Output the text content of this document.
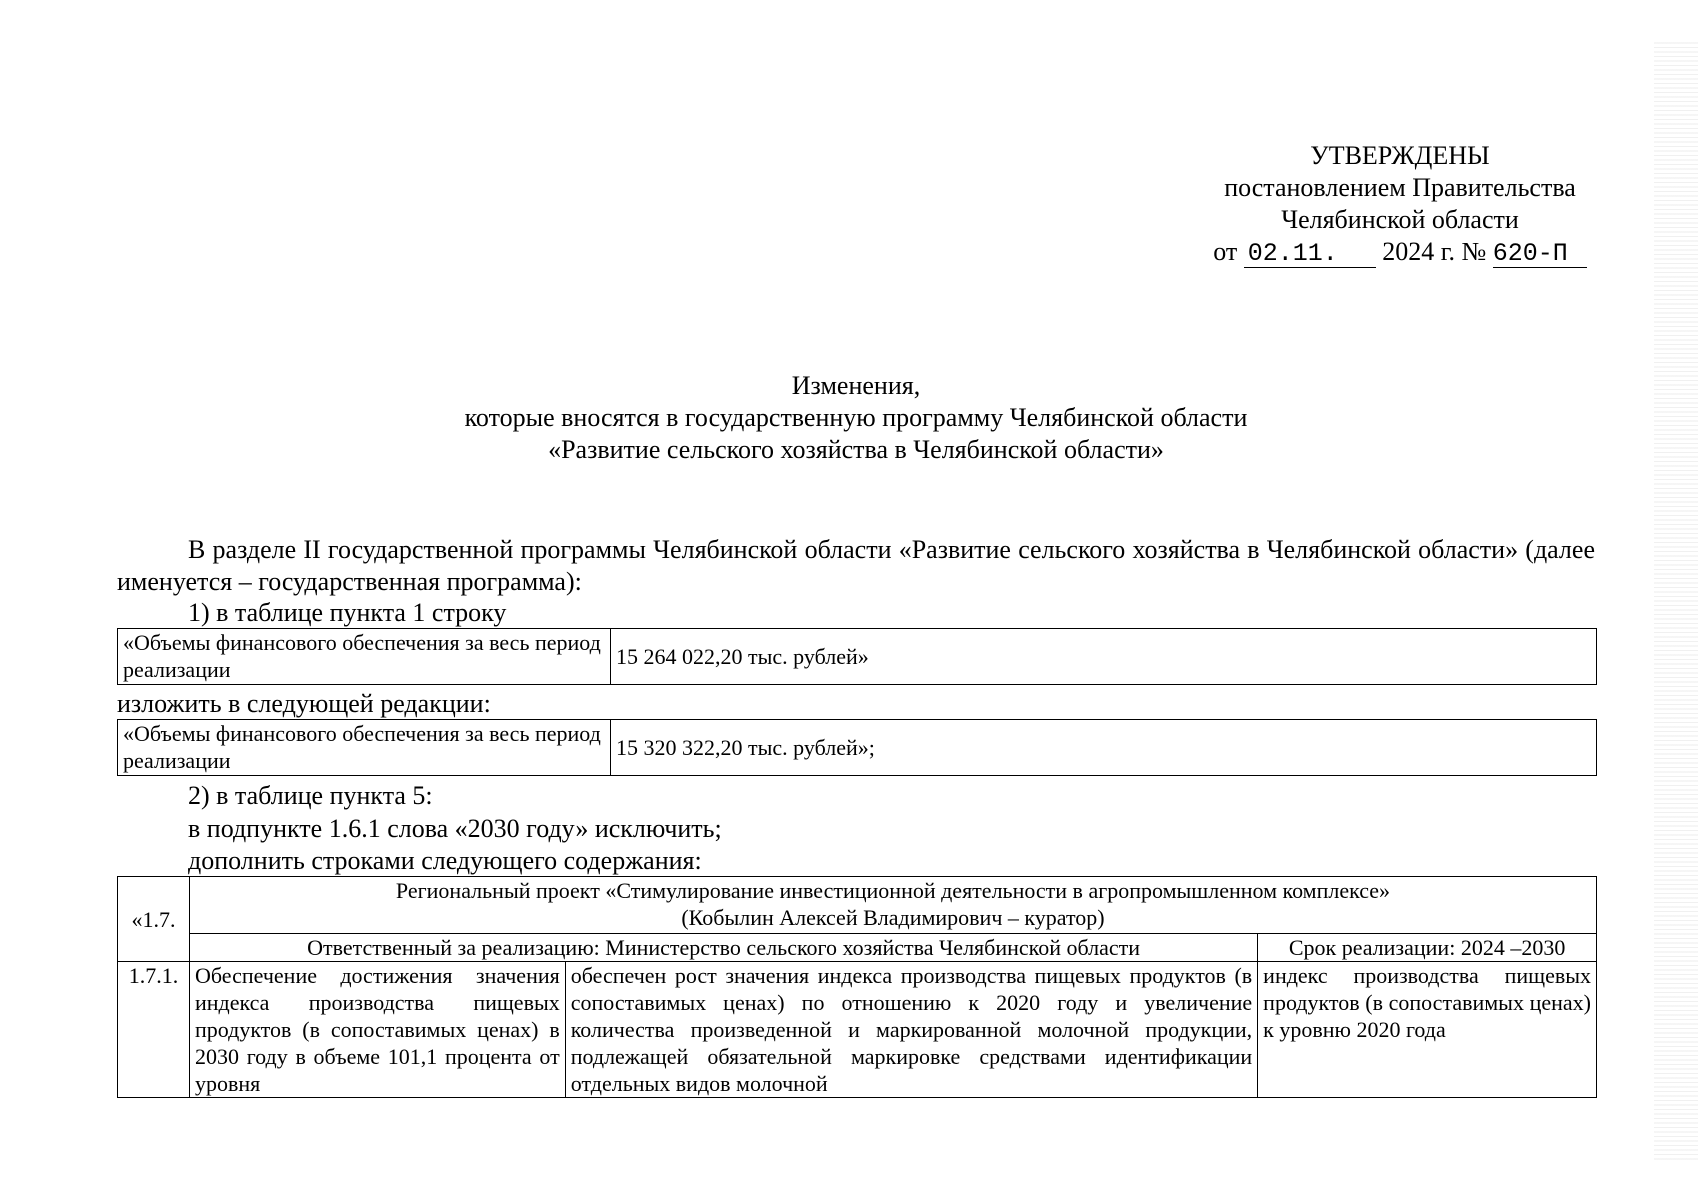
УТВЕРЖДЕНЫ
постановлением Правительства
Челябинской области
от 02.11. 2024 г. № 620-П
Изменения,
которые вносятся в государственную программу Челябинской области
«Развитие сельского хозяйства в Челябинской области»
В разделе II государственной программы Челябинской области «Развитие сельского хозяйства в Челябинской области» (далее именуется – государственная программа):
1) в таблице пункта 1 строку
«Объемы финансового обеспечения за весь период реализации	15 264 022,20 тыс. рублей»
изложить в следующей редакции:
«Объемы финансового обеспечения за весь период реализации	15 320 322,20 тыс. рублей»;
2) в таблице пункта 5:
в подпункте 1.6.1 слова «2030 году» исключить;
дополнить строками следующего содержания:
«1.7.	Региональный проект «Стимулирование инвестиционной деятельности в агропромышленном комплексе»
(Кобылин Алексей Владимирович – куратор)		

	Ответственный за реализацию: Министерство сельского хозяйства Челябинской области		Срок реализации: 2024 –2030
1.7.1.	Обеспечение достижения значения индекса производства пищевых продуктов (в сопоставимых ценах) в 2030 году в объеме 101,1 процента от уровня	обеспечен рост значения индекса производства пищевых продуктов (в сопоставимых ценах) по отношению к 2020 году и увеличение количества произведенной и маркированной молочной продукции, подлежащей обязательной маркировке средствами идентификации отдельных видов молочной	индекс производства пищевых продуктов (в сопоставимых ценах) к уровню 2020 года
